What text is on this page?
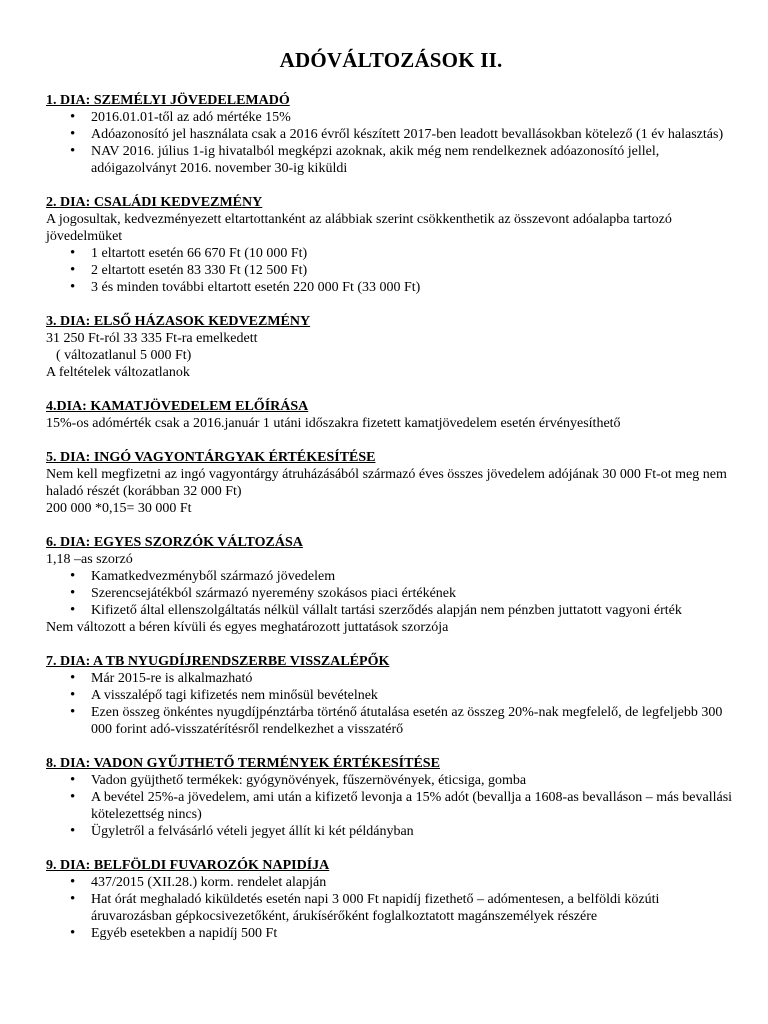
ADÓVÁLTOZÁSOK II.

1. DIA: SZEMÉLYI JÖVEDELEMADÓ

• 2016.01.01-től az adó mértéke 15%
• Adóazonosító jel használata csak a 2016 évről készített 2017-ben leadott bevallásokban kötelező (1 év halasztás)
• NAV 2016. július 1-ig hivatalból megképzi azoknak, akik még nem rendelkeznek adóazonosító jellel, adóigazolványt 2016. november 30-ig kiküldi

2. DIA: CSALÁDI KEDVEZMÉNY

A jogosultak, kedvezményezett eltartottanként az alábbiak szerint csökkenthetik az összevont adóalapba tartozó jövedelmüket

• 1 eltartott esetén 66 670 Ft (10 000 Ft)
• 2 eltartott esetén 83 330 Ft (12 500 Ft)
• 3 és minden további eltartott esetén 220 000 Ft (33 000 Ft)

3. DIA: ELSŐ HÁZASOK KEDVEZMÉNY

31 250 Ft-ról 33 335 Ft-ra emelkedett

( változatlanul 5 000 Ft)

A feltételek változatlanok

4.DIA: KAMATJÖVEDELEM ELŐÍRÁSA

15%-os adómérték csak a 2016.január 1 utáni időszakra fizetett kamatjövedelem esetén érvényesíthető

5. DIA: INGÓ VAGYONTÁRGYAK ÉRTÉKESÍTÉSE

Nem kell megfizetni az ingó vagyontárgy átruházásából származó éves összes jövedelem adójának 30 000 Ft-ot meg nem haladó részét (korábban 32 000 Ft)

200 000 *0,15= 30 000 Ft

6. DIA: EGYES SZORZÓK VÁLTOZÁSA

1,18 –as szorzó

• Kamatkedvezményből származó jövedelem
• Szerencsejátékból származó nyeremény szokásos piaci értékének
• Kifizető által ellenszolgáltatás nélkül vállalt tartási szerződés alapján nem pénzben juttatott vagyoni érték

Nem változott a béren kívüli és egyes meghatározott juttatások szorzója

7. DIA: A TB NYUGDÍJRENDSZERBE VISSZALÉPŐK

• Már 2015-re is alkalmazható
• A visszalépő tagi kifizetés nem minősül bevételnek
• Ezen összeg önkéntes nyugdíjpénztárba történő átutalása esetén az összeg 20%-nak megfelelő, de legfeljebb 300 000 forint adó-visszatérítésről rendelkezhet a visszatérő

8. DIA: VADON GYŰJTHETŐ TERMÉNYEK ÉRTÉKESÍTÉSE

• Vadon gyüjthető termékek: gyógynövények, fűszernövények, éticsiga, gomba
• A bevétel 25%-a jövedelem, ami után a kifizető levonja a 15% adót (bevallja a 1608-as bevalláson – más bevallási kötelezettség nincs)
• Ügyletről a felvásárló vételi jegyet állít ki két példányban

9. DIA: BELFÖLDI FUVAROZÓK NAPIDÍJA

• 437/2015 (XII.28.) korm. rendelet alapján
• Hat órát meghaladó kiküldetés esetén napi 3 000 Ft napidíj fizethető – adómentesen, a belföldi közúti áruvarozásban gépkocsivezetőként, árukísérőként foglalkoztatott magánszemélyek részére
• Egyéb esetekben a napidíj 500 Ft
